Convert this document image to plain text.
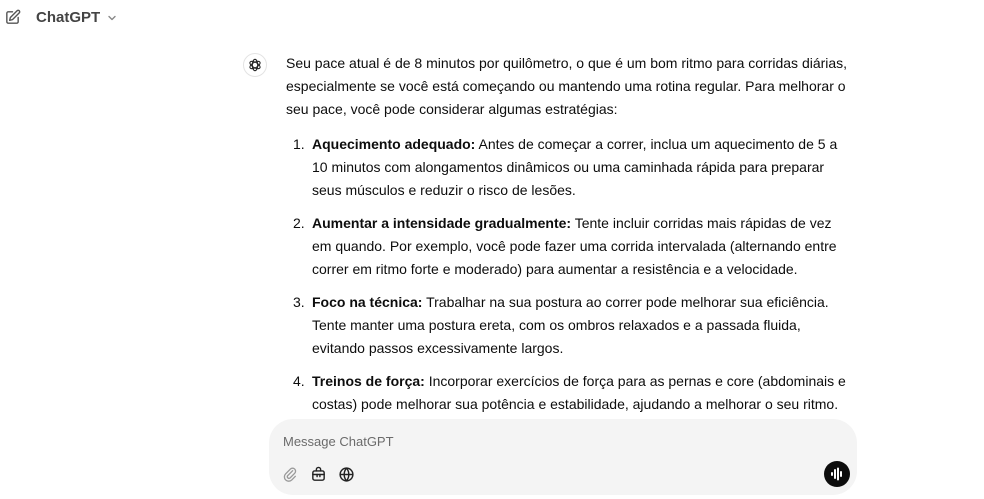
ChatGPT

Seu pace atual é de 8 minutos por quilômetro, o que é um bom ritmo para corridas diárias, especialmente se você está começando ou mantendo uma rotina regular. Para melhorar o seu pace, você pode considerar algumas estratégias:

1. Aquecimento adequado: Antes de começar a correr, inclua um aquecimento de 5 a 10 minutos com alongamentos dinâmicos ou uma caminhada rápida para preparar seus músculos e reduzir o risco de lesões.
2. Aumentar a intensidade gradualmente: Tente incluir corridas mais rápidas de vez em quando. Por exemplo, você pode fazer uma corrida intervalada (alternando entre correr em ritmo forte e moderado) para aumentar a resistência e a velocidade.
3. Foco na técnica: Trabalhar na sua postura ao correr pode melhorar sua eficiência. Tente manter uma postura ereta, com os ombros relaxados e a passada fluida, evitando passos excessivamente largos.
4. Treinos de força: Incorporar exercícios de força para as pernas e core (abdominais e costas) pode melhorar sua potência e estabilidade, ajudando a melhorar o seu ritmo.
Message ChatGPT
